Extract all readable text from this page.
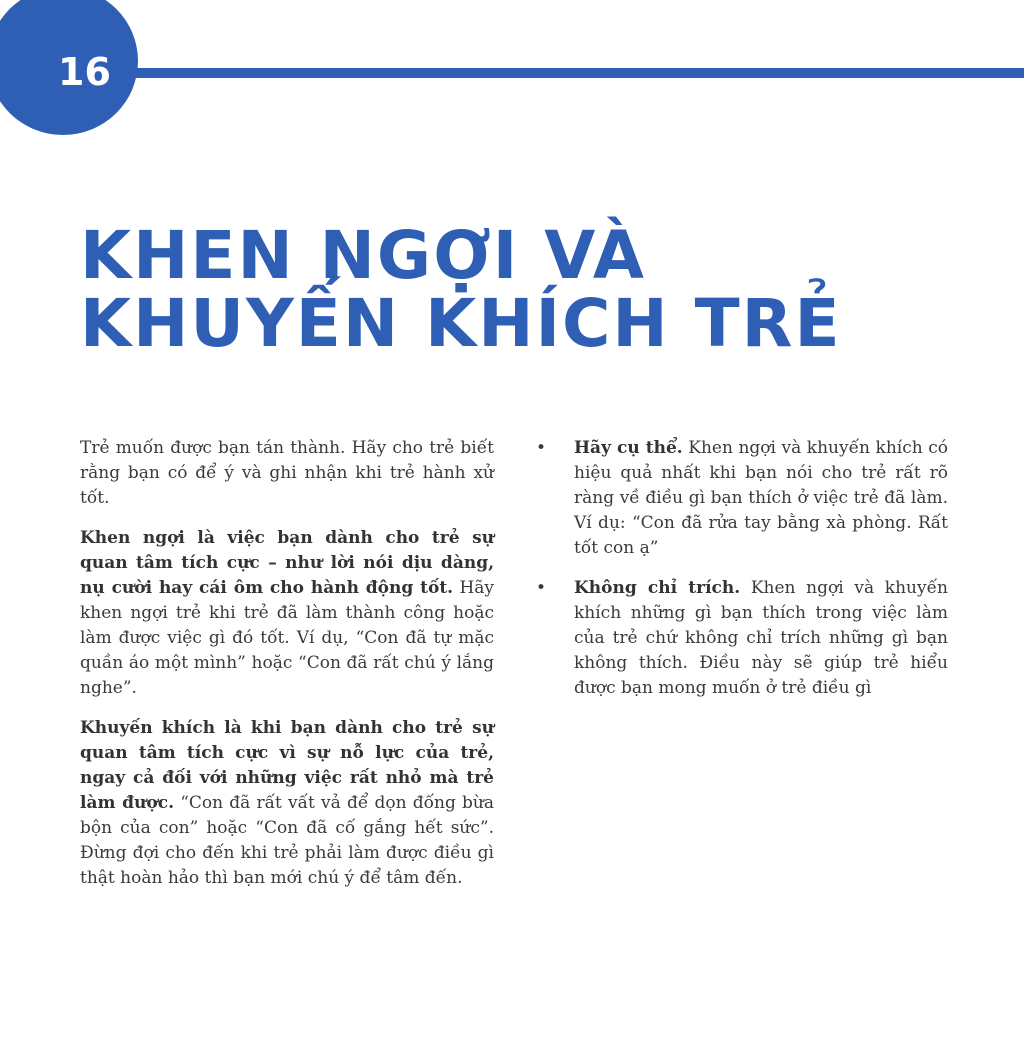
16
KHEN NGỢI VÀ
KHUYẾN KHÍCH TRẺ

Trẻ muốn được bạn tán thành. Hãy cho trẻ biết rằng bạn có để ý và ghi nhận khi trẻ hành xử tốt.

Khen ngợi là việc bạn dành cho trẻ sự quan tâm tích cực – như lời nói dịu dàng, nụ cười hay cái ôm cho hành động tốt. Hãy khen ngợi trẻ khi trẻ đã làm thành công hoặc làm được việc gì đó tốt. Ví dụ, “Con đã tự mặc quần áo một mình” hoặc “Con đã rất chú ý lắng nghe”.

Khuyến khích là khi bạn dành cho trẻ sự quan tâm tích cực vì sự nỗ lực của trẻ, ngay cả đối với những việc rất nhỏ mà trẻ làm được. “Con đã rất vất vả để dọn đống bừa bộn của con” hoặc “Con đã cố gắng hết sức”. Đừng đợi cho đến khi trẻ phải làm được điều gì thật hoàn hảo thì bạn mới chú ý để tâm đến.

• Hãy cụ thể. Khen ngợi và khuyến khích có hiệu quả nhất khi bạn nói cho trẻ rất rõ ràng về điều gì bạn thích ở việc trẻ đã làm. Ví dụ: “Con đã rửa tay bằng xà phòng. Rất tốt con ạ”
• Không chỉ trích. Khen ngợi và khuyến khích những gì bạn thích trong việc làm của trẻ chứ không chỉ trích những gì bạn không thích. Điều này sẽ giúp trẻ hiểu được bạn mong muốn ở trẻ điều gì
